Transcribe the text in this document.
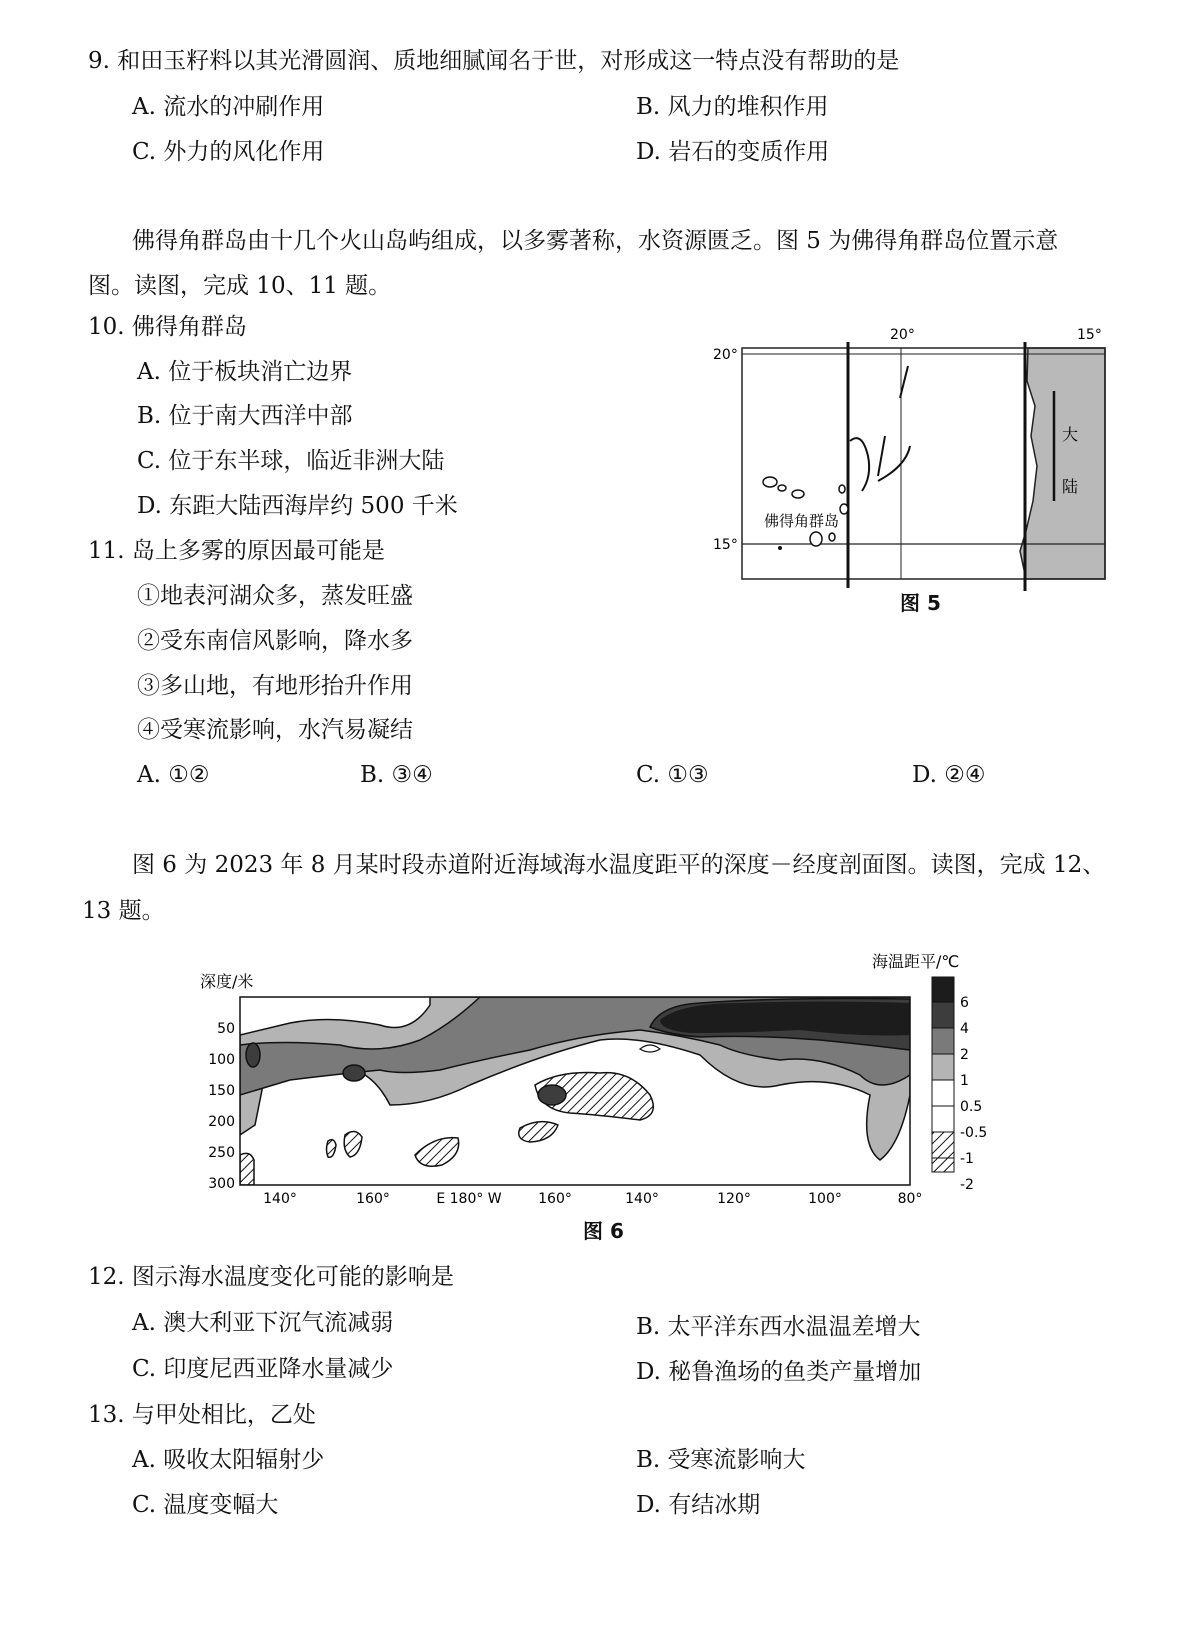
9. 和田玉籽料以其光滑圆润、质地细腻闻名于世，对形成这一特点没有帮助的是
A. 流水的冲刷作用	B. 风力的堆积作用
C. 外力的风化作用	D. 岩石的变质作用
佛得角群岛由十几个火山岛屿组成，以多雾著称，水资源匮乏。图 5 为佛得角群岛位置示意
图。读图，完成 10、11 题。
10. 佛得角群岛
A. 位于板块消亡边界
B. 位于南大西洋中部
C. 位于东半球，临近非洲大陆
D. 东距大陆西海岸约 500 千米
11. 岛上多雾的原因最可能是
①地表河湖众多，蒸发旺盛
②受东南信风影响，降水多
③多山地，有地形抬升作用
④受寒流影响，水汽易凝结
A. ①②	B. ③④	C. ①③	D. ②④
20°
15°
20°	15°
佛得角群岛
大
陆
图 5
图 6 为 2023 年 8 月某时段赤道附近海域海水温度距平的深度－经度剖面图。读图，完成 12、
13 题。
深度/米
50
100
150
200
250
300
140°	160°	E 180° W	160°	140°	120°	100°	80°
海温距平/℃
6
4
2
1
0.5
-0.5
-1
-2
图 6
12. 图示海水温度变化可能的影响是
A. 澳大利亚下沉气流减弱	B. 太平洋东西水温温差增大
C. 印度尼西亚降水量减少	D. 秘鲁渔场的鱼类产量增加
13. 与甲处相比，乙处
A. 吸收太阳辐射少	B. 受寒流影响大
C. 温度变幅大	D. 有结冰期
